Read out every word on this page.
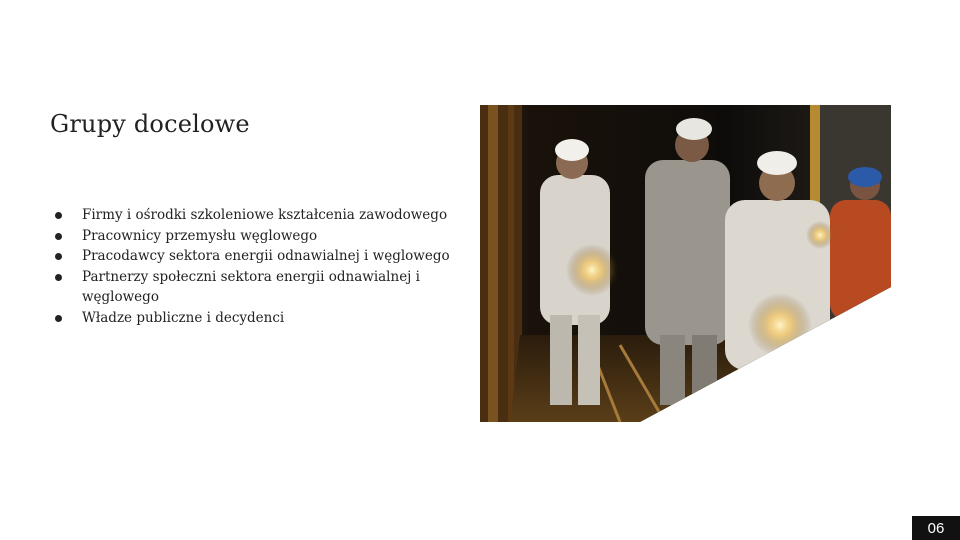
Grupy docelowe
Firmy i ośrodki szkoleniowe kształcenia zawodowego
Pracownicy przemysłu węglowego
Pracodawcy sektora energii odnawialnej i węglowego
Partnerzy społeczni sektora energii odnawialnej i węglowego
Władze publiczne i decydenci
06
